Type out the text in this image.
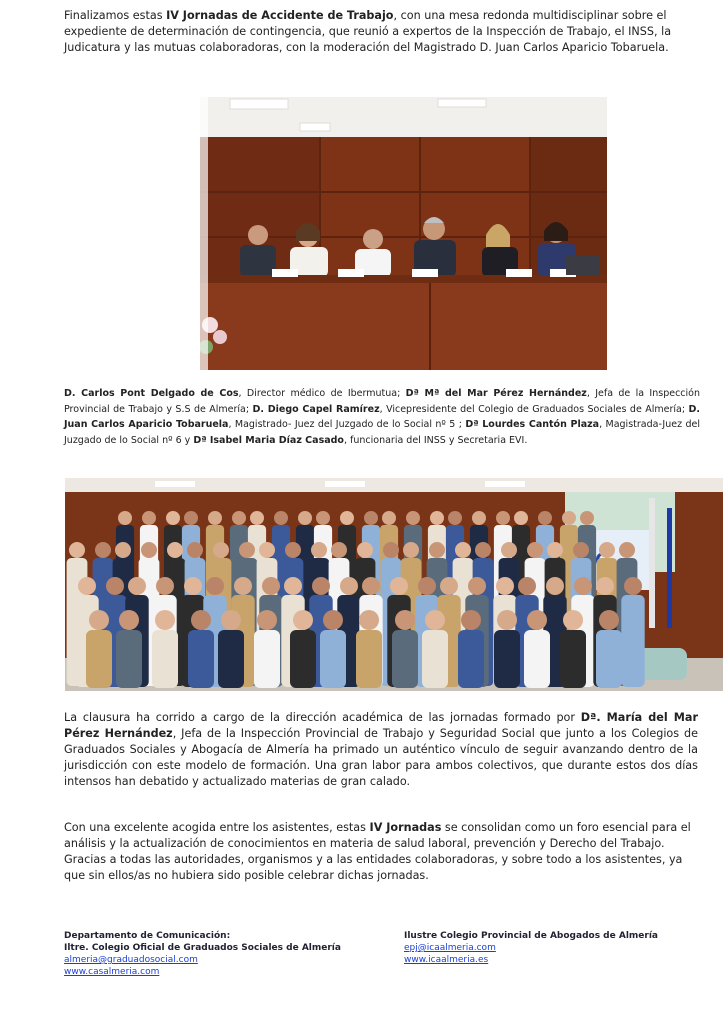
Finalizamos estas IV Jornadas de Accidente de Trabajo, con una mesa redonda multidisciplinar sobre el expediente de determinación de contingencia, que reunió a expertos de la Inspección de Trabajo, el INSS, la Judicatura y las mutuas colaboradoras, con la moderación del Magistrado D. Juan Carlos Aparicio Tobaruela.

D. Carlos Pont Delgado de Cos, Director médico de Ibermutua; Dª Mª del Mar Pérez Hernández, Jefa de la Inspección Provincial de Trabajo y S.S de Almería; D. Diego Capel Ramírez, Vicepresidente del Colegio de Graduados Sociales de Almería; D. Juan Carlos Aparicio Tobaruela, Magistrado- Juez del Juzgado de lo Social nº 5 ; Dª Lourdes Cantón Plaza, Magistrada-Juez del Juzgado de lo Social nº 6 y Dª Isabel Maria Díaz Casado, funcionaria del INSS y Secretaria EVI.

La clausura ha corrido a cargo de la dirección académica de las jornadas formado por Dª. María del Mar Pérez Hernández, Jefa de la Inspección Provincial de Trabajo y Seguridad Social que junto a los Colegios de Graduados Sociales y Abogacía de Almería ha primado un auténtico vínculo de seguir avanzando dentro de la jurisdicción con este modelo de formación. Una gran labor para ambos colectivos, que durante estos dos días intensos han debatido y actualizado materias de gran calado.

Con una excelente acogida entre los asistentes, estas IV Jornadas se consolidan como un foro esencial para el análisis y la actualización de conocimientos en materia de salud laboral, prevención y Derecho del Trabajo. Gracias a todas las autoridades, organismos y a las entidades colaboradoras, y sobre todo a los asistentes, ya que sin ellos/as no hubiera sido posible celebrar dichas jornadas.

Departamento de Comunicación:
Iltre. Colegio Oficial de Graduados Sociales de Almería
almeria@graduadosocial.com
www.casalmeria.com
Ilustre Colegio Provincial de Abogados de Almería
epj@icaalmeria.com
www.icaalmeria.es
